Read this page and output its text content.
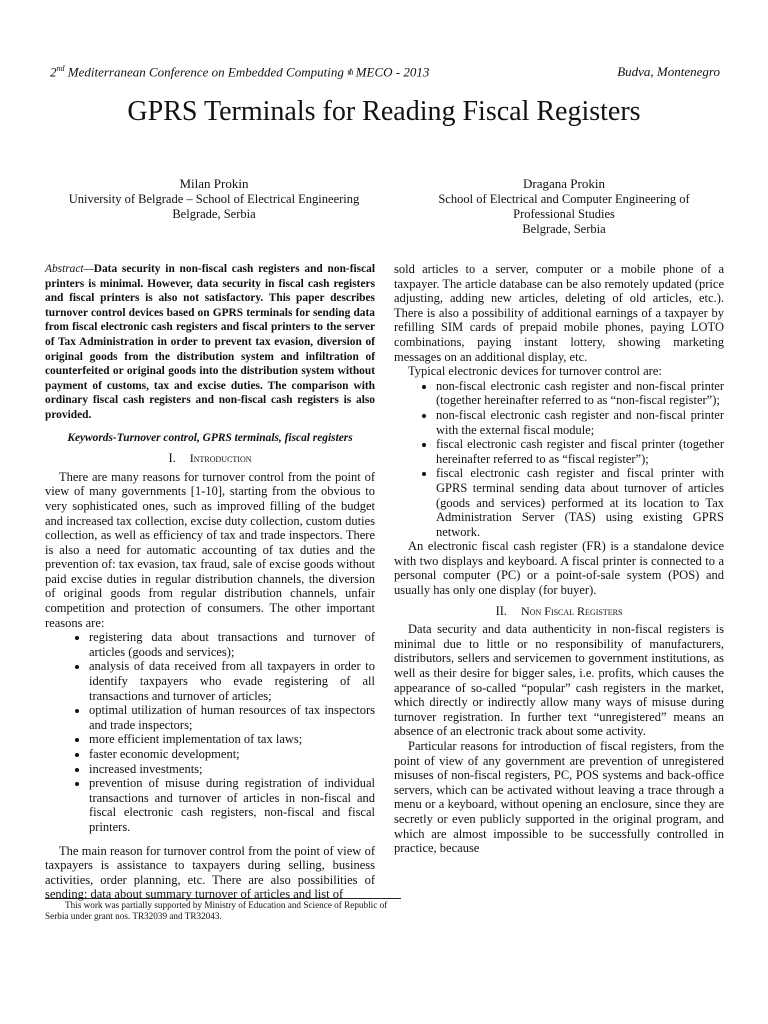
2nd Mediterranean Conference on Embedded Computing ııl'ı MECO - 2013	Budva, Montenegro
GPRS Terminals for Reading Fiscal Registers
Milan Prokin
University of Belgrade – School of Electrical Engineering
Belgrade, Serbia
Dragana Prokin
School of Electrical and Computer Engineering of
Professional Studies
Belgrade, Serbia

Abstract—Data security in non-fiscal cash registers and non-fiscal printers is minimal. However, data security in fiscal cash registers and fiscal printers is also not satisfactory. This paper describes turnover control devices based on GPRS terminals for sending data from fiscal electronic cash registers and fiscal printers to the server of Tax Administration in order to prevent tax evasion, diversion of original goods from the distribution system and infiltration of counterfeited or original goods into the distribution system without payment of customs, tax and excise duties. The comparison with ordinary fiscal cash registers and non-fiscal cash registers is also provided.

Keywords-Turnover control, GPRS terminals, fiscal registers
I. Introduction

There are many reasons for turnover control from the point of view of many governments [1-10], starting from the obvious to very sophisticated ones, such as improved filling of the budget and increased tax collection, excise duty collection, custom duties collection, as well as efficiency of tax and trade inspectors. There is also a need for automatic accounting of tax duties and the prevention of: tax evasion, tax fraud, sale of excise goods without paid excise duties in regular distribution channels, the diversion of original goods from regular distribution channels, unfair competition and protection of consumers. The other important reasons are:

• registering data about transactions and turnover of articles (goods and services);
• analysis of data received from all taxpayers in order to identify taxpayers who evade registering of all transactions and turnover of articles;
• optimal utilization of human resources of tax inspectors and trade inspectors;
• more efficient implementation of tax laws;
• faster economic development;
• increased investments;
• prevention of misuse during registration of individual transactions and turnover of articles in non-fiscal and fiscal electronic cash registers, non-fiscal and fiscal printers.

The main reason for turnover control from the point of view of taxpayers is assistance to taxpayers during selling, business activities, order planning, etc. There are also possibilities of sending: data about summary turnover of articles and list of

sold articles to a server, computer or a mobile phone of a taxpayer. The article database can be also remotely updated (price adjusting, adding new articles, deleting of old articles, etc.). There is also a possibility of additional earnings of a taxpayer by refilling SIM cards of prepaid mobile phones, paying LOTO combinations, paying instant lottery, showing marketing messages on an additional display, etc.

Typical electronic devices for turnover control are:

• non-fiscal electronic cash register and non-fiscal printer (together hereinafter referred to as “non-fiscal register”);
• non-fiscal electronic cash register and non-fiscal printer with the external fiscal module;
• fiscal electronic cash register and fiscal printer (together hereinafter referred to as “fiscal register”);
• fiscal electronic cash register and fiscal printer with GPRS terminal sending data about turnover of articles (goods and services) performed at its location to Tax Administration Server (TAS) using existing GPRS network.

An electronic fiscal cash register (FR) is a standalone device with two displays and keyboard. A fiscal printer is connected to a personal computer (PC) or a point-of-sale system (POS) and usually has only one display (for buyer).

II. Non Fiscal Registers

Data security and data authenticity in non-fiscal registers is minimal due to little or no responsibility of manufacturers, distributors, sellers and servicemen to government institutions, as well as their desire for bigger sales, i.e. profits, which causes the appearance of so-called “popular” cash registers in the market, which directly or indirectly allow many ways of misuse during turnover registration. In further text “unregistered” means an absence of an electronic track about some activity.

Particular reasons for introduction of fiscal registers, from the point of view of any government are prevention of unregistered misuses of non-fiscal registers, PC, POS systems and back-office servers, which can be activated without leaving a trace through a menu or a keyboard, without opening an enclosure, since they are secretly or even publicly supported in the original program, and which are almost impossible to be successfully controlled in practice, because

This work was partially supported by Ministry of Education and Science of Republic of Serbia under grant nos. TR32039 and TR32043.
